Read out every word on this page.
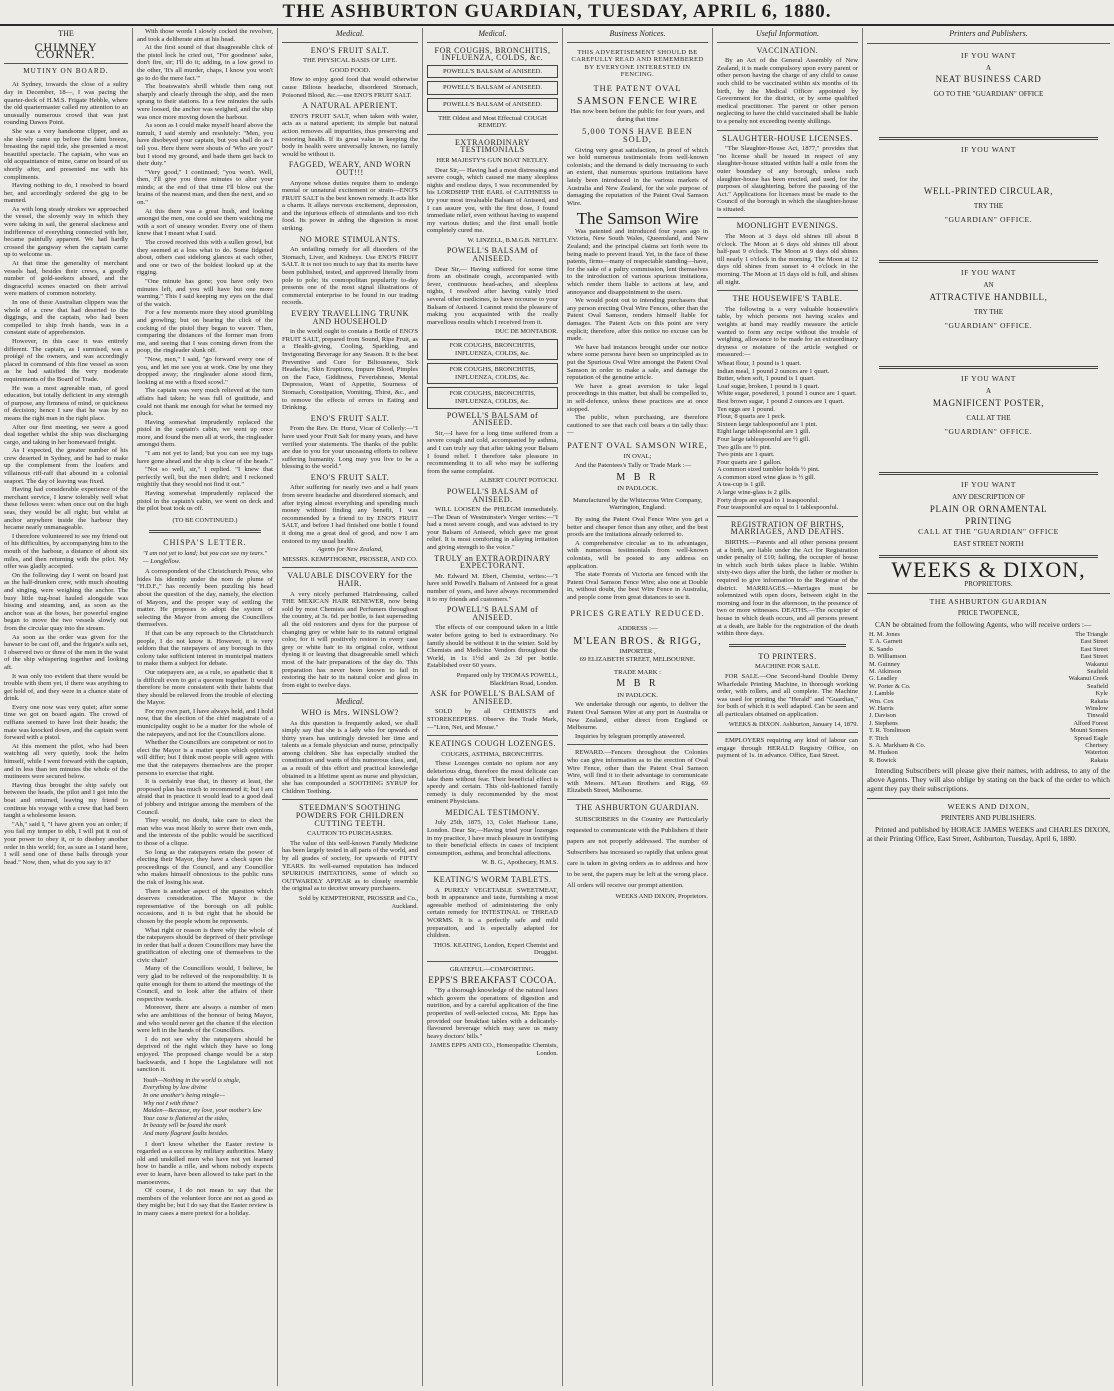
THE ASHBURTON GUARDIAN, TUESDAY, APRIL 6, 1880.
THE
CHIMNEY CORNER.
MUTINY ON BOARD.
At Sydney, towards the close of a sultry day in December, 18—, I was pacing the quarter-deck of H.M.S. Frigate Hebble, where the old quartermaster called my attention to an unusually numerous crowd that was just rounding Dawes Point.
She was a very handsome clipper, and as she slowly came up before the faint breeze, breasting the rapid tide, she presented a most beautiful spectacle. The captain, who was an old acquaintance of mine, came on board of us shortly after, and presented me with his compliments.
Having nothing to do, I resolved to board her, and accordingly ordered the gig to be manned.
As with long steady strokes we approached the vessel, the slovenly way in which they were taking in sail, the general slackness and indifference of everything connected with her, became painfully apparent. We had hardly crossed the gangway when the captain came up to welcome us.
At that time the generality of merchant vessels had, besides their crews, a goodly number of gold-seekers aboard, and the disgraceful scenes enacted on their arrival were matters of common notoriety.
In one of these Australian clippers was the whole of a crew that had deserted to the diggings, and the captain, who had been compelled to ship fresh hands, was in a constant state of apprehension.
However, in this case it was entirely different. The captain, as I surmised, was a protégé of the owners, and was accordingly placed in command of this fine vessel as soon as he had satisfied the very moderate requirements of the Board of Trade.
He was a most agreeable man, of good education, but totally deficient in any strength of purpose, any firmness of mind, or quickness of decision; hence I saw that he was by no means the right man in the right place.
After our first meeting, we were a good deal together whilst the ship was discharging cargo, and taking in her homeward freight.
As I expected, the greater number of his crew deserted in Sydney, and he had to make up the complement from the loafers and villainous riff-raff that abound in a colonial seaport. The day of leaving was fixed.
Having had considerable experience of the merchant service, I knew tolerably well what these fellows were: when once out on the high seas, they would be all right; but whilst at anchor anywhere inside the harbour they became nearly unmanageable.
I therefore volunteered to see my friend out of his difficulties, by accompanying him to the mouth of the harbour, a distance of about six miles, and then returning with the pilot. My offer was gladly accepted.
On the following day I went on board just as the half-drunken crew, with much shouting and singing, were weighing the anchor. The busy little tug-boat hauled alongside was hissing and steaming, and, as soon as the anchor was at the bows, her powerful engine began to move the two vessels slowly out from the circular quay into the stream.
As soon as the order was given for the hawser to be cast off, and the frigate's sails set, I observed two or three of the men in the waist of the ship whispering together and looking aft.
It was only too evident that there would be trouble with them yet, if there was anything to get hold of, and they were in a chance state of drink.
Every one now was very quiet; after some time we got on board again. The crowd of ruffians seemed to have lost their heads; the mate was knocked down, and the captain went forward with a pistol.
At this moment the pilot, who had been watching all very quietly, took the helm himself, while I went forward with the captain, and in less than ten minutes the whole of the mutineers were secured below.
Having thus brought the ship safely out between the heads, the pilot and I got into the boat and returned, leaving my friend to continue his voyage with a crew that had been taught a wholesome lesson.
"Ah," said I, "I have given you an order; if you fail my temper to ebb, I will put it out of your power to obey it, or to disobey another order in this world; for, as sure as I stand here, I will send one of these balls through your head." Now, then, what do you say to it?
With those words I slowly cocked the revolver, and took a deliberate aim at his head.
At the first sound of that disagreeable click of the pistol lock he cried out, "For goodness' sake, don't fire, sir; I'll do it; adding, in a low growl to the other, 'It's all murder, chaps, I know you won't go to do the mere fact.'"
The boatswain's shrill whistle then rang out sharply and clearly through the ship, and the men sprang to their stations. In a few minutes the sails were loosed, the anchor was weighed, and the ship was once more moving down the harbour.
As soon as I could make myself heard above the tumult, I said sternly and resolutely: "Men, you have disobeyed your captain, but you shall do as I tell you. Here there were shouts of 'Who are you?' but I stood my ground, and bade them get back to their duty."
"Very good," I continued; "you won't. Well, then, I'll give you three minutes to alter your minds; at the end of that time I'll blow out the brains of the nearest man, and then the next, and so on."
At this there was a great hush, and looking amongst the men, one could see them watching me with a sort of uneasy wonder. Every one of them knew that I meant what I said.
The crowd received this with a sullen growl, but they seemed at a loss what to do. Some fidgeted about, others cast sidelong glances at each other, and one or two of the boldest looked up at the rigging.
"One minute has gone; you have only two minutes left, and you will have but one more warning." This I said keeping my eyes on the dial of the watch.
For a few moments more they stood grumbling and growling; but on hearing the click of the cocking of the pistol they began to waver. Then, comparing the distances of the former man from me, and seeing that I was coming down from the poop, the ringleader slunk off.
"Now, men," I said, "go forward every one of you, and let me see you at work. One by one they dropped away; the ringleader alone stood firm, looking at me with a fixed scowl."
The captain was very much relieved at the turn affairs had taken; he was full of gratitude, and could not thank me enough for what he termed my pluck.
Having somewhat imprudently replaced the pistol in the captain's cabin, we went up once more, and found the men all at work, the ringleader amongst them.
"I am not yet to land; but you can see my tugs have gone ahead and the ship is clear of the heads."
"Not so well, sir," I replied. "I knew that perfectly well, but the men didn't; and I reckoned mightily that they would not find it out."
Having somewhat imprudently replaced the pistol in the captain's cabin, we went on deck and the pilot boat took us off.
(TO BE CONTINUED.)
CHISPA'S LETTER.
"I am not yet to land; but you can see my tears." — Longfellow.
A correspondent of the Christchurch Press, who hides his identity under the nom de plume of "H.D.F.," has recently been puzzling his head about the question of the day, namely, the election of Mayors, and the proper way of settling the matter. He proposes to adopt the system of selecting the Mayor from among the Councillors themselves.
If that can be any reproach to the Christchurch people, I do not know it. However, it is very seldom that the ratepayers of any borough in this colony take sufficient interest in municipal matters to make them a subject for debate.
Our ratepayers are, as a rule, so apathetic that it is difficult even to get a quorum together. It would therefore be more consistent with their habits that they should be relieved from the trouble of electing the Mayor.
For my own part, I have always held, and I hold now, that the election of the chief magistrate of a municipality ought to be a matter for the whole of the ratepayers, and not for the Councillors alone.
Whether the Councillors are competent or not to elect the Mayor is a matter upon which opinions will differ; but I think most people will agree with me that the ratepayers themselves are the proper persons to exercise that right.
It is certainly true that, in theory at least, the proposed plan has much to recommend it; but I am afraid that in practice it would lead to a good deal of jobbery and intrigue among the members of the Council.
They would, no doubt, take care to elect the man who was most likely to serve their own ends, and the interests of the public would be sacrificed to those of a clique.
So long as the ratepayers retain the power of electing their Mayor, they have a check upon the proceedings of the Council, and any Councillor who makes himself obnoxious to the public runs the risk of losing his seat.
There is another aspect of the question which deserves consideration. The Mayor is the representative of the borough on all public occasions, and it is but right that he should be chosen by the people whom he represents.
What right or reason is there why the whole of the ratepayers should be deprived of their privilege in order that half a dozen Councillors may have the gratification of electing one of themselves to the civic chair?
Many of the Councillors would, I believe, be very glad to be relieved of the responsibility. It is quite enough for them to attend the meetings of the Council, and to look after the affairs of their respective wards.
Moreover, there are always a number of men who are ambitious of the honour of being Mayor, and who would never get the chance if the election were left in the hands of the Councillors.
I do not see why the ratepayers should be deprived of the right which they have so long enjoyed. The proposed change would be a step backwards, and I hope the Legislature will not sanction it.
Youth—Nothing in the world is single,
Everything by law divine
In one another's being mingle—
Why not I with thine?
Maiden—Because, my love, your mother's law
Your case is flattered at the sides,
In beauty will be found the mark
And many flagrant faults besides.
I don't know whether the Easter review is regarded as a success by military authorities. Many old and unskilled men who have not yet learned how to handle a rifle, and whom nobody expects ever to learn, have been allowed to take part in the manoeuvres.
Of course, I do not mean to say that the members of the volunteer force are not as good as they might be; but I do say that the Easter review is in many cases a mere pretext for a holiday.
Medical.
ENO'S FRUIT SALT.
THE PHYSICAL BASIS OF LIFE.
GOOD FOOD.
How to enjoy good food that would otherwise cause Bilious headache, disordered Stomach, Poisoned Blood, &c.—use ENO'S FRUIT SALT.
A NATURAL APERIENT.
ENO'S FRUIT SALT, when taken with water, acts as a natural aperient; its simple but natural action removes all impurities, thus preserving and restoring health. If its great value in keeping the body in health were universally known, no family would be without it.
FAGGED, WEARY, AND WORN OUT!!!
Anyone whose duties require them to undergo mental or unnatural excitement or strain—ENO'S FRUIT SALT is the best known remedy. It acts like a charm. It allays nervous excitement, depression, and the injurious effects of stimulants and too rich food. Its power in aiding the digestion is most striking.
NO MORE STIMULANTS.
An unfailing remedy for all disorders of the Stomach, Liver, and Kidneys. Use ENO'S FRUIT SALT. It is not too much to say that its merits have been published, tested, and approved literally from pole to pole; its cosmopolitan popularity to-day presents one of the most signal illustrations of commercial enterprise to be found in our trading records.
EVERY TRAVELLING TRUNK AND HOUSEHOLD
in the world ought to contain a Bottle of ENO'S FRUIT SALT, prepared from Sound, Ripe Fruit, as a Health-giving, Cooling, Sparkling, and Invigorating Beverage for any Season. It is the best Preventive and Cure for Biliousness, Sick Headache, Skin Eruptions, Impure Blood, Pimples on the Face, Giddiness, Feverishness, Mental Depression, Want of Appetite, Sourness of Stomach, Constipation, Vomiting, Thirst, &c., and to remove the effects of errors in Eating and Drinking.
ENO'S FRUIT SALT.
From the Rev. Dr. Hurst, Vicar of Collerly:—"I have used your Fruit Salt for many years, and have verified your statements. The thanks of the public are due to you for your unceasing efforts to relieve suffering humanity. Long may you live to be a blessing to the world."
ENO'S FRUIT SALT.
After suffering for nearly two and a half years from severe headache and disordered stomach, and after trying almost everything and spending much money without finding any benefit, I was recommended by a friend to try ENO'S FRUIT SALT, and before I had finished one bottle I found it doing me a great deal of good, and now I am restored to my usual health.
Agents for New Zealand,
MESSRS. KEMPTHORNE, PROSSER, AND CO.
VALUABLE DISCOVERY for the HAIR.
A very nicely perfumed Hairdressing, called THE MEXICAN HAIR RENEWER, now being sold by most Chemists and Perfumers throughout the country, at 3s. 6d. per bottle, is fast superseding all the old restorers and dyes for the purpose of changing grey or white hair to its natural original color, for it will positively restore in every case grey or white hair to its original color, without dyeing it or leaving that disagreeable smell which most of the hair preparations of the day do. This preparation has never been known to fail in restoring the hair to its natural color and gloss in from eight to twelve days.
Medical.
WHO is Mrs. WINSLOW?
As this question is frequently asked, we shall simply say that she is a lady who for upwards of thirty years has untiringly devoted her time and talents as a female physician and nurse, principally among children. She has especially studied the constitution and wants of this numerous class, and, as a result of this effort and practical knowledge obtained in a lifetime spent as nurse and physician, she has compounded a SOOTHING SYRUP for Children Teething.
STEEDMAN'S SOOTHING POWDERS FOR CHILDREN CUTTING TEETH.
CAUTION TO PURCHASERS.
The value of this well-known Family Medicine has been largely tested in all parts of the world, and by all grades of society, for upwards of FIFTY YEARS. Its well-earned reputation has induced SPURIOUS IMITATIONS, some of which so OUTWARDLY APPEAR as to closely resemble the original as to deceive unwary purchasers.
Sold by KEMPTHORNE, PROSSER and Co., Auckland.
Medical.
FOR COUGHS, BRONCHITIS, INFLUENZA, COLDS, &c.
POWELL'S BALSAM of ANISEED.
POWELL'S BALSAM of ANISEED.
POWELL'S BALSAM of ANISEED.
THE Oldest and Most Effectual COUGH REMEDY.
EXTRAORDINARY TESTIMONIALS
HER MAJESTY'S GUN BOAT NETLEY.
Dear Sir,— Having had a most distressing and severe cough, which caused me many sleepless nights and restless days, I was recommended by his LORDSHIP THE EARL of CAITHNESS to try your most invaluable Balsam of Aniseed, and I can assure you, with the first dose, I found immediate relief, even without having to suspend my various duties; and the first small bottle completely cured me.
W. LINZELL, B.M.G.B. NETLEY.
POWELL'S BALSAM of ANISEED.
Dear Sir,— Having suffered for some time from an obstinate cough, accompanied with fever, continuous head-aches, and sleepless nights, I resolved after having vainly tried several other medicines, to have recourse to your Balsam of Aniseed. I cannot resist the pleasure of making you acquainted with the really marvellous results which I received from it.
DUC DE MONTABOR.
FOR COUGHS, BRONCHITIS, INFLUENZA, COLDS, &c.
FOR COUGHS, BRONCHITIS, INFLUENZA, COLDS, &c.
FOR COUGHS, BRONCHITIS, INFLUENZA, COLDS, &c.
POWELL'S BALSAM of ANISEED.
Sir,—I have for a long time suffered from a severe cough and cold, accompanied by asthma, and I can truly say that after taking your Balsam I found relief. I therefore take pleasure in recommending it to all who may be suffering from the same complaint.
ALBERT COUNT POTOCKI.
POWELL'S BALSAM of ANISEED.
WILL LOOSEN the PHLEGM immediately.—The Dean of Westminster's Verger writes:—"I had a most severe cough, and was advised to try your Balsam of Aniseed, which gave me great relief. It is most comforting in allaying irritation and giving strength to the voice."
TRULY an EXTRAORDINARY EXPECTORANT.
Mr. Edward M. Ebert, Chemist, writes:—"I have sold Powell's Balsam of Aniseed for a great number of years, and have always recommended it to my friends and customers."
POWELL'S BALSAM of ANISEED.
The effects of our compound taken in a little water before going to bed is extraordinary. No family should be without it in the winter. Sold by Chemists and Medicine Vendors throughout the World, in 1s 1½d and 2s 3d per bottle. Established over 60 years.
Prepared only by THOMAS POWELL, Blackfriars Road, London.
ASK for POWELL'S BALSAM of ANISEED.
SOLD by all CHEMISTS and STOREKEEPERS. Observe the Trade Mark,—"Lion, Net, and Mouse."
KEATINGS COUGH LOZENGES.
COUGHS, ASTHMA, BRONCHITIS.
These Lozenges contain no opium nor any deleterious drug, therefore the most delicate can take them without fear. Their beneficial effect is speedy and certain. This old-fashioned family remedy is duly recommended by the most eminent Physicians.
MEDICAL TESTIMONY.
July 25th, 1875, 13, Colet Harbour Lane, London. Dear Sir,—Having tried your lozenges in my practice, I have much pleasure in testifying to their beneficial effects in cases of incipient consumption, asthma, and bronchial affections.
W. B. G., Apothecary, H.M.S.
KEATING'S WORM TABLETS.
A PURELY VEGETABLE SWEETMEAT, both in appearance and taste, furnishing a most agreeable method of administering the only certain remedy for INTESTINAL or THREAD WORMS. It is a perfectly safe and mild preparation, and is especially adapted for children.
THOS. KEATING, London, Expert Chemist and Druggist.
GRATEFUL—COMFORTING.
EPPS'S BREAKFAST COCOA.
"By a thorough knowledge of the natural laws which govern the operations of digestion and nutrition, and by a careful application of the fine properties of well-selected cocoa, Mr. Epps has provided our breakfast tables with a delicately-flavoured beverage which may save us many heavy doctors' bills."
JAMES EPPS AND CO., Homeopathic Chemists, London.
Business Notices.
THIS ADVERTISEMENT SHOULD BE CAREFULLY READ AND REMEMBERED BY EVERYONE INTERESTED IN FENCING.
THE PATENT OVAL
SAMSON FENCE WIRE
Has now been before the public for four years, and during that time
5,000 TONS HAVE BEEN SOLD,
Giving very great satisfaction, in proof of which we hold numerous testimonials from well-known colonists; and the demand is daily increasing to such an extent, that numerous spurious imitations have lately been introduced in the various markets of Australia and New Zealand, for the sole purpose of damaging the reputation of the Patent Oval Samson Wire.
The Samson Wire
Was patented and introduced four years ago in Victoria, New South Wales, Queensland, and New Zealand; and the principal claims set forth were its being made to prevent fraud. Yet, in the face of these patents, firms—many of respectable standing—have, for the sake of a paltry commission, lent themselves to the introduction of various spurious imitations, which render them liable to actions at law, and annoyance and disappointment to the users.
We would point out to intending purchasers that any person erecting Oval Wire Fences, other than the Patent Oval Samson, renders himself liable for damages. The Patent Acts on this point are very explicit; therefore, after this notice no excuse can be made.
We have had instances brought under our notice where some persons have been so unprincipled as to put the Spurious Oval Wire amongst the Patent Oval Samson in order to make a sale, and damage the reputation of the genuine article.
We have a great aversion to take legal proceedings in this matter, but shall be compelled to, in self-defence, unless these practices are at once stopped.
The public, when purchasing, are therefore cautioned to see that each coil bears a tin tally thus:—
PATENT OVAL SAMSON WIRE,
IN OVAL;
And the Patentees's Tally or Trade Mark :—
M B R
IN PADLOCK.
Manufactured by the Whitecross Wire Company, Warrington, England.
By using the Patent Oval Fence Wire you get a better and cheaper fence than any other, and the best proofs are the imitations already referred to.
A comprehensive circular as to its advantages, with numerous testimonials from well-known colonists, will be posted to any address on application.
The state Forests of Victoria are fenced with the Patent Oval Samson Fence Wire; also one at Double in, without doubt, the best Wire Fence in Australia, and people come from great distances to see it.
PRICES GREATLY REDUCED.
ADDRESS :—
M'LEAN BROS. & RIGG,
IMPORTER ,
69 ELIZABETH STREET, MELBOURNE.
TRADE MARK :
M B R
IN PADLOCK.
We undertake through our agents, to deliver the Patent Oval Samson Wire at any port in Australia or New Zealand, either direct from England or Melbourne.
Inquiries by telegram promptly answered.
REWARD.—Fencers throughout the Colonies who can give information as to the erection of Oval Wire Fence, other than the Patent Oval Samson Wire, will find it to their advantage to communicate with Messrs. M'Lean Brothers and Rigg, 69 Elizabeth Street, Melbourne.
THE ASHBURTON GUARDIAN.
SUBSCRIBERS in the Country are Particularly requested to communicate with the Publishers if their papers are not properly addressed. The number of Subscribers has increased so rapidly that unless great care is taken in giving orders as to address and how to be sent, the papers may be left at the wrong place. All orders will receive our prompt attention.
WEEKS AND DIXON, Proprietors.
Useful Information.
VACCINATION.
By an Act of the General Assembly of New Zealand, it is made compulsory upon every parent or other person having the charge of any child to cause such child to be vaccinated within six months of its birth, by the Medical Officer appointed by Government for the district, or by some qualified medical practitioner. The parent or other person neglecting to have the child vaccinated shall be liable to a penalty not exceeding twenty shillings.
SLAUGHTER-HOUSE LICENSES.
"The Slaughter-House Act, 1877," provides that "no license shall be issued in respect of any slaughter-house situated within half a mile from the outer boundary of any borough, unless such slaughter-house has been erected, and used, for the purposes of slaughtering, before the passing of the Act." Applications for licenses must be made to the Council of the borough in which the slaughter-house is situated.
MOONLIGHT EVENINGS.
The Moon at 3 days old shines till about 8 o'clock. The Moon at 6 days old shines till about half-past 9 o'clock. The Moon at 9 days old shines till nearly 1 o'clock in the morning. The Moon at 12 days old shines from sunset to 4 o'clock in the morning. The Moon at 15 days old is full, and shines all night.
THE HOUSEWIFE'S TABLE.
The following is a very valuable housewife's table, by which persons not having scales and weights at hand may readily measure the article wanted to form any recipe without the trouble of weighing, allowance to be made for an extraordinary dryness or moisture of the article weighed or measured:—
Wheat flour, 1 pound is 1 quart.
Indian meal, 1 pound 2 ounces are 1 quart.
Butter, when soft, 1 pound is 1 quart.
Loaf sugar, broken, 1 pound is 1 quart.
White sugar, powdered, 1 pound 1 ounce are 1 quart.
Best brown sugar, 1 pound 2 ounces are 1 quart.
Ten eggs are 1 pound.
Flour, 8 quarts are 1 peck.
Sixteen large tablespoonful are 1 pint.
Eight large tablespoonful are 1 gill.
Four large tablespoonful are ½ gill.
Two gills are ½ pint.
Two pints are 1 quart.
Four quarts are 1 gallon.
A common sized tumbler holds ½ pint.
A common sized wine glass is ½ gill.
A tea-cup is 1 gill.
A large wine-glass is 2 gills.
Forty drops are equal to 1 teaspoonful.
Four teaspoonful are equal to 1 tablespoonful.
REGISTRATION OF BIRTHS, MARRIAGES, AND DEATHS.
BIRTHS.—Parents and all other persons present at a birth, are liable under the Act for Registration under penalty of £10; failing, the occupier of house in which such birth takes place is liable. Within sixty-two days after the birth, the father or mother is required to give information to the Registrar of the district. MARRIAGES.—Marriages must be solemnized with open doors, between eight in the morning and four in the afternoon, in the presence of two or more witnesses. DEATHS.—The occupier of house in which death occurs, and all persons present at a death, are liable for the registration of the death within three days.
TO PRINTERS.
MACHINE FOR SALE.
FOR SALE.—One Second-hand Double Demy Wharfedale Printing Machine, in thorough working order, with rollers, and all complete. The Machine was used for printing the "Herald" and "Guardian," for both of which it is well adapted. Can be seen and all particulars obtained on application.
WEEKS & DIXON. Ashburton, January 14, 1879.
EMPLOYERS requiring any kind of labour can engage through HERALD Registry Office, on payment of 1s. in advance. Office, East Street.
Printers and Publishers.
IF YOU WANT
A
NEAT BUSINESS CARD
GO TO THE "GUARDIAN" OFFICE
IF YOU WANT
WELL-PRINTED CIRCULAR,
TRY THE
"GUARDIAN" OFFICE.
IF YOU WANT
AN
ATTRACTIVE HANDBILL,
TRY THE
"GUARDIAN" OFFICE.
IF YOU WANT
A
MAGNIFICENT POSTER,
CALL AT THE
"GUARDIAN" OFFICE.
IF YOU WANT
ANY DESCRIPTION OF
PLAIN OR ORNAMENTAL
PRINTING
CALL AT THE "GUARDIAN" OFFICE
EAST STREET NORTH
WEEKS & DIXON,
PROPRIETORS.
THE ASHBURTON GUARDIAN
PRICE TWOPENCE,
CAN be obtained from the following Agents, who will receive orders :—
H. M. Jones	The Triangle
T. A. Garnett	East Street
K. Sando	East Street
D. Williamson	East Street
M. Guinney	Wakanui
M. Atkinson	Seafield
G. Leadley	Wakanui Creek
W. Porter & Co.	Seafield
J. Lamble	Kyle
Wm. Cox	Rakaia
W. Harris	Winslow
J. Davison	Tinwald
J. Stephens	Alford Forest
T. R. Tomlinson	Mount Somers
F. Titch	Spread Eagle
S. A. Markham & Co.	Chertsey
M. Hudson	Waterton
R. Bowick	Rakaia
Intending Subscribers will please give their names, with address, to any of the above Agents. They will also oblige by stating on the back of the order to which agent they pay their subscriptions.
WEEKS AND DIXON,
PRINTERS AND PUBLISHERS.
Printed and published by HORACE JAMES WEEKS and CHARLES DIXON, at their Printing Office, East Street, Ashburton, Tuesday, April 6, 1880.
